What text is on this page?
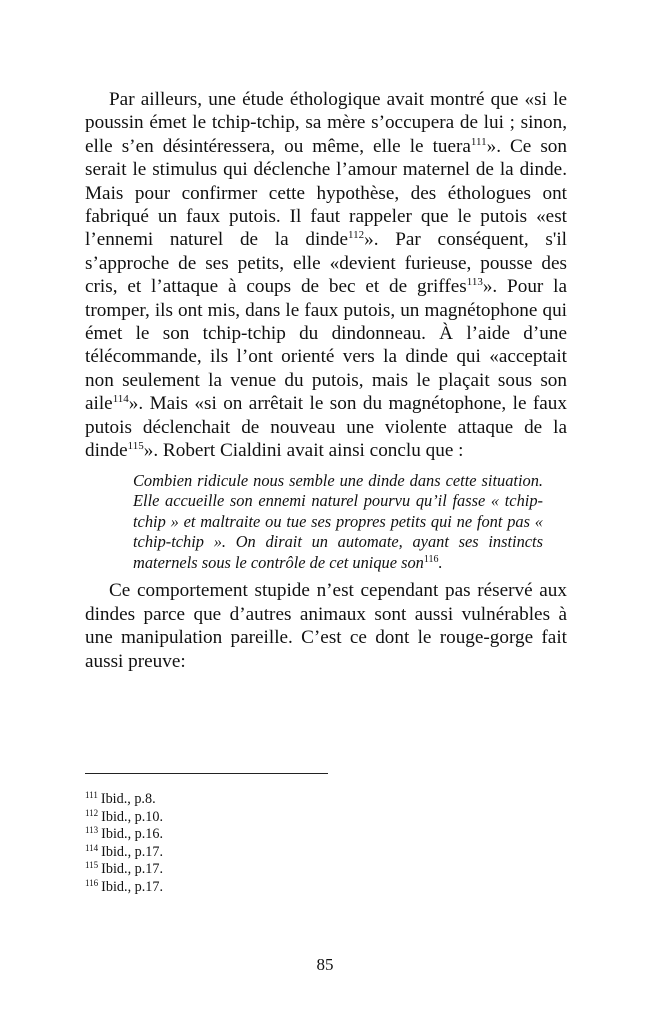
Par ailleurs, une étude éthologique avait montré que «si le poussin émet le tchip-tchip, sa mère s’occupera de lui ; sinon, elle s’en désintéressera, ou même, elle le tuera$^{111}$». Ce son serait le stimulus qui déclenche l’amour maternel de la dinde. Mais pour confirmer cette hypothèse, des éthologues ont fabriqué un faux putois. Il faut rappeler que le putois «est l’ennemi naturel de la dinde$^{112}$». Par conséquent, s'il s’approche de ses petits, elle «devient furieuse, pousse des cris, et l’attaque à coups de bec et de griffes$^{113}$». Pour la tromper, ils ont mis, dans le faux putois, un magnétophone qui émet le son tchip-tchip du dindonneau. À l’aide d’une télécommande, ils l’ont orienté vers la dinde qui «acceptait non seulement la venue du putois, mais le plaçait sous son aile$^{114}$». Mais «si on arrêtait le son du magnétophone, le faux putois déclenchait de nouveau une violente attaque de la dinde$^{115}$». Robert Cialdini avait ainsi conclu que :

Combien ridicule nous semble une dinde dans cette situation. Elle accueille son ennemi naturel pourvu qu’il fasse « tchip-tchip » et maltraite ou tue ses propres petits qui ne font pas « tchip-tchip ». On dirait un automate, ayant ses instincts maternels sous le contrôle de cet unique son$^{116}$.

Ce comportement stupide n’est cependant pas réservé aux dindes parce que d’autres animaux sont aussi vulnérables à une manipulation pareille. C’est ce dont le rouge-gorge fait aussi preuve:

$^{111}$ Ibid., p.8.
$^{112}$ Ibid., p.10.
$^{113}$ Ibid., p.16.
$^{114}$ Ibid., p.17.
$^{115}$ Ibid., p.17.
$^{116}$ Ibid., p.17.
85
